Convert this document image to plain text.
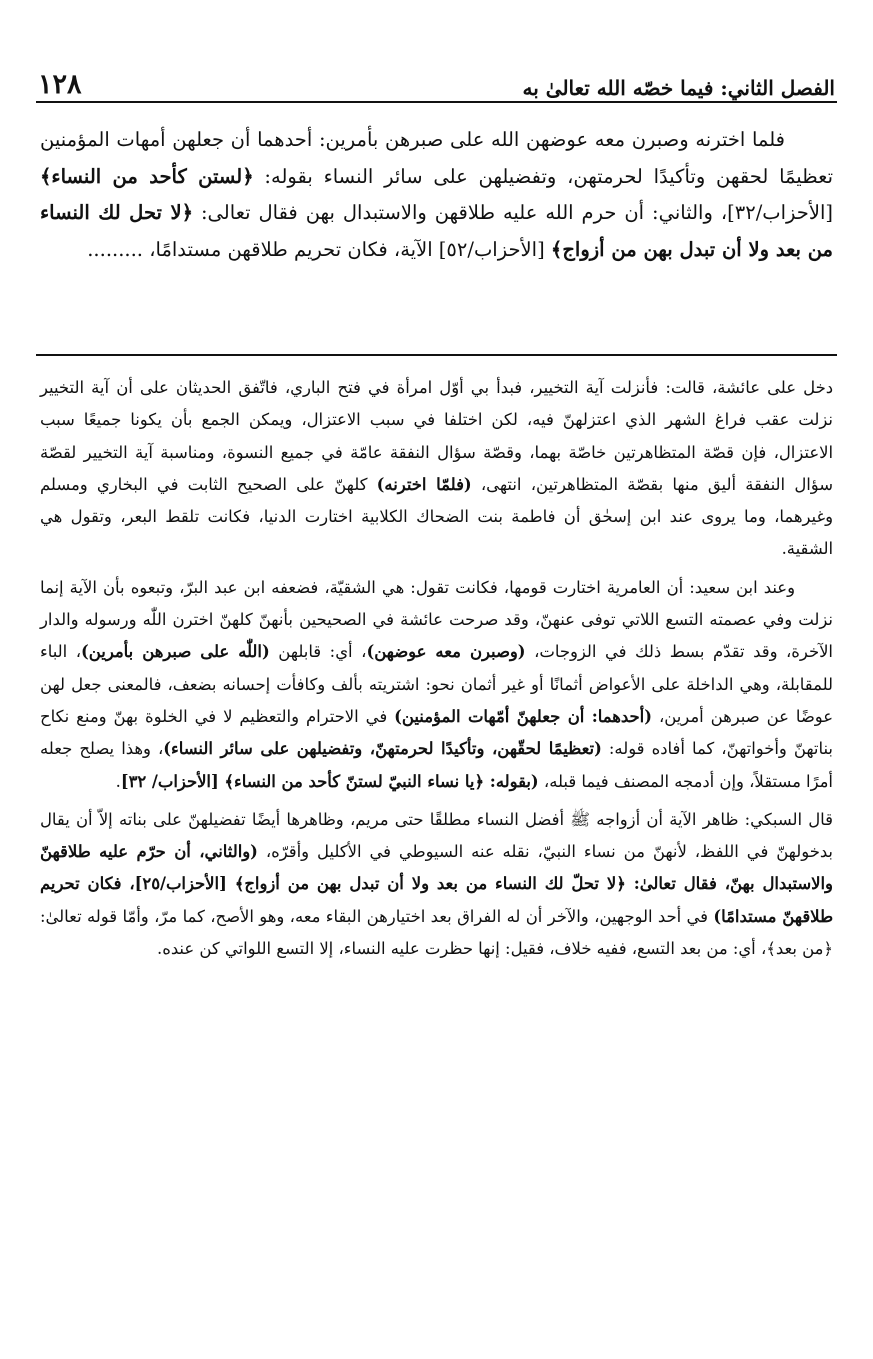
١٢٨	الفصل الثاني: فيما خصّه الله تعالىٰ به

فلما اخترنه وصبرن معه عوضهن الله على صبرهن بأمرين: أحدهما أن جعلهن أمهات المؤمنين تعظيمًا لحقهن وتأكيدًا لحرمتهن، وتفضيلهن على سائر النساء بقوله: ﴿لستن كأحد من النساء﴾ [الأحزاب/٣٢]، والثاني: أن حرم الله عليه طلاقهن والاستبدال بهن فقال تعالى: ﴿لا تحل لك النساء من بعد ولا أن تبدل بهن من أزواج﴾ [الأحزاب/٥٢] الآية، فكان تحريم طلاقهن مستدامًا، .........

دخل على عائشة، قالت: فأنزلت آية التخيير، فبدأ بي أوّل امرأة في فتح الباري، فاتّفق الحديثان على أن آية التخيير نزلت عقب فراغ الشهر الذي اعتزلهنّ فيه، لكن اختلفا في سبب الاعتزال، ويمكن الجمع بأن يكونا جميعًا سبب الاعتزال، فإن قصّة المتظاهرتين خاصّة بهما، وقصّة سؤال النفقة عامّة في جميع النسوة، ومناسبة آية التخيير لقصّة سؤال النفقة أليق منها بقصّة المتظاهرتين، انتهى، (فلمّا اخترنه) كلهنّ على الصحيح الثابت في البخاري ومسلم وغيرهما، وما يروى عند ابن إسحٰق أن فاطمة بنت الضحاك الكلابية اختارت الدنيا، فكانت تلقط البعر، وتقول هي الشقية.

وعند ابن سعيد: أن العامرية اختارت قومها، فكانت تقول: هي الشقيّة، فضعفه ابن عبد البرّ، وتبعوه بأن الآية إنما نزلت وفي عصمته التسع اللاتي توفى عنهنّ، وقد صرحت عائشة في الصحيحين بأنهنّ كلهنّ اخترن اللّٰه ورسوله والدار الآخرة، وقد تقدّم بسط ذلك في الزوجات، (وصبرن معه عوضهن)، أي: قابلهن (اللّٰه على صبرهن بأمرين)، الباء للمقابلة، وهي الداخلة على الأعواض أثمانًا أو غير أثمان نحو: اشتريته بألف وكافأت إحسانه بضعف، فالمعنى جعل لهن عوضًا عن صبرهن أمرين، (أحدهما: أن جعلهنّ أمّهات المؤمنين) في الاحترام والتعظيم لا في الخلوة بهنّ ومنع نكاح بناتهنّ وأخواتهنّ، كما أفاده قوله: (تعظيمًا لحقّهن، وتأكيدًا لحرمتهنّ، وتفضيلهن على سائر النساء)، وهذا يصلح جعله أمرًا مستقلاً، وإن أدمجه المصنف فيما قبله، (بقوله: ﴿يا نساء النبيّ لستنّ كأحد من النساء﴾ [الأحزاب/ ٣٢].

قال السبكي: ظاهر الآية أن أزواجه ﷺ أفضل النساء مطلقًا حتى مريم، وظاهرها أيضًا تفضيلهنّ على بناته إلاّ أن يقال بدخولهنّ في اللفظ، لأنهنّ من نساء النبيّ، نقله عنه السيوطي في الأكليل وأقرّه، (والثاني، أن حرّم عليه طلاقهنّ والاستبدال بهنّ، فقال تعالىٰ: ﴿لا تحلّ لك النساء من بعد ولا أن تبدل بهن من أزواج﴾ [الأحزاب/٢٥]، فكان تحريم طلاقهنّ مستدامًا) في أحد الوجهين، والآخر أن له الفراق بعد اختيارهن البقاء معه، وهو الأصح، كما مرّ، وأمّا قوله تعالىٰ: ﴿من بعد﴾، أي: من بعد التسع، ففيه خلاف، فقيل: إنها حظرت عليه النساء، إلا التسع اللواتي كن عنده.
